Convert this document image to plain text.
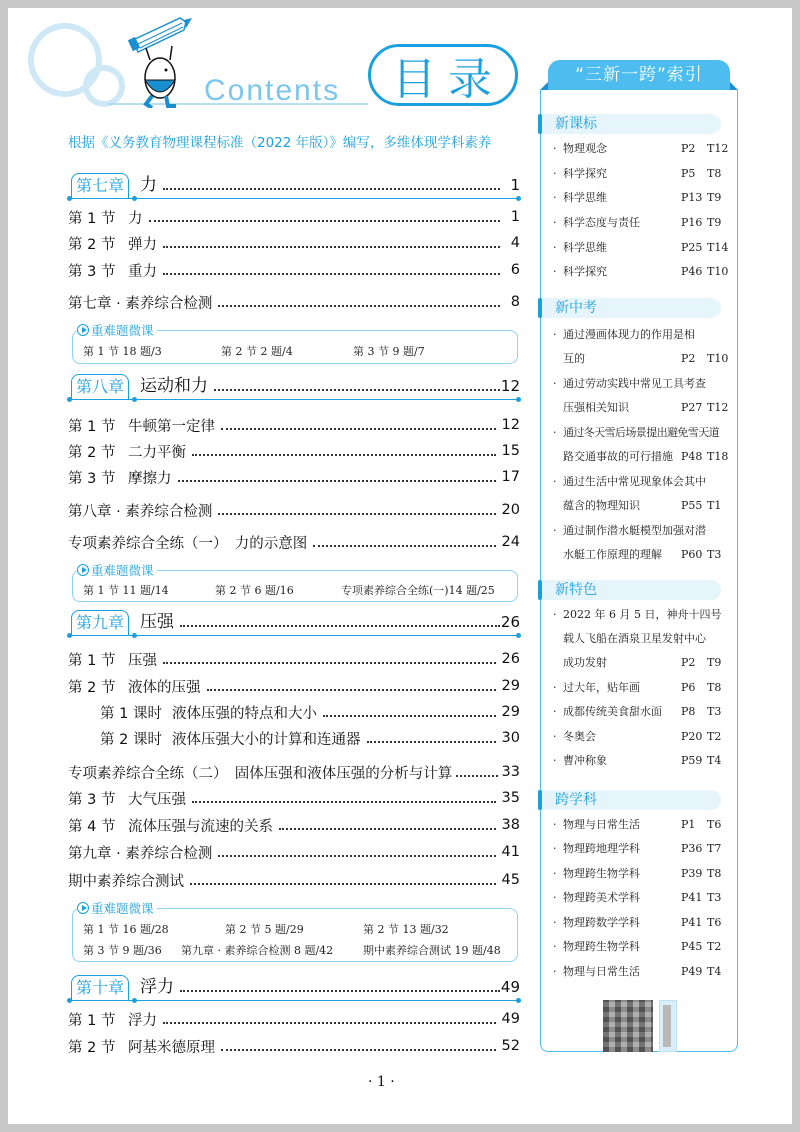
Contents	目录
根据《义务教育物理课程标准（2022 年版）》编写，多维体现学科素养
第七章 力	1
第 1 节 力	1
第 2 节 弹力	4
第 3 节 重力	6
第七章 · 素养综合检测	8
重难题微课
第 1 节 18 题/3	第 2 节 2 题/4	第 3 节 9 题/7
第八章 运动和力	12
第 1 节 牛顿第一定律	12
第 2 节 二力平衡	15
第 3 节 摩擦力	17
第八章 · 素养综合检测	20
专项素养综合全练（一）　力的示意图	24
重难题微课
第 1 节 11 题/14	第 2 节 6 题/16	专项素养综合全练(一)14 题/25
第九章 压强	26
第 1 节 压强	26
第 2 节 液体的压强	29
第 1 课时 液体压强的特点和大小	29
第 2 课时 液体压强大小的计算和连通器	30
专项素养综合全练（二）　固体压强和液体压强的分析与计算	33
第 3 节 大气压强	35
第 4 节 流体压强与流速的关系	38
第九章 · 素养综合检测	41
期中素养综合测试	45
重难题微课
第 1 节 16 题/28	第 2 节 5 题/29	第 2 节 13 题/32
第 3 节 9 题/36 第九章 · 素养综合检测 8 题/42	期中素养综合测试 19 题/48
第十章 浮力	49
第 1 节 浮力	49
第 2 节 阿基米德原理	52
“三新一跨”索引
新课标
· 物理观念	P2 T12
· 科学探究	P5 T8
· 科学思维	P13 T9
· 科学态度与责任	P16 T9
· 科学思维	P25 T14
· 科学探究	P46 T10
新中考
· 通过漫画体现力的作用是相
互的	P2 T10
· 通过劳动实践中常见工具考查
压强相关知识	P27 T12
· 通过冬天雪后场景提出避免雪天道
路交通事故的可行措施 P48 T18
· 通过生活中常见现象体会其中
蕴含的物理知识	P55 T1
· 通过制作潜水艇模型加强对潜
水艇工作原理的理解 P60 T3
新特色
· 2022 年 6 月 5 日，神舟十四号
载人飞船在酒泉卫星发射中心
成功发射	P2 T9
· 过大年，贴年画	P6 T8
· 成都传统美食甜水面 P8 T3
· 冬奥会	P20 T2
· 曹冲称象	P59 T4
跨学科
· 物理与日常生活	P1 T6
· 物理跨地理学科	P36 T7
· 物理跨生物学科	P39 T8
· 物理跨美术学科	P41 T3
· 物理跨数学学科	P41 T6
· 物理跨生物学科	P45 T2
· 物理与日常生活	P49 T4
· 1 ·
